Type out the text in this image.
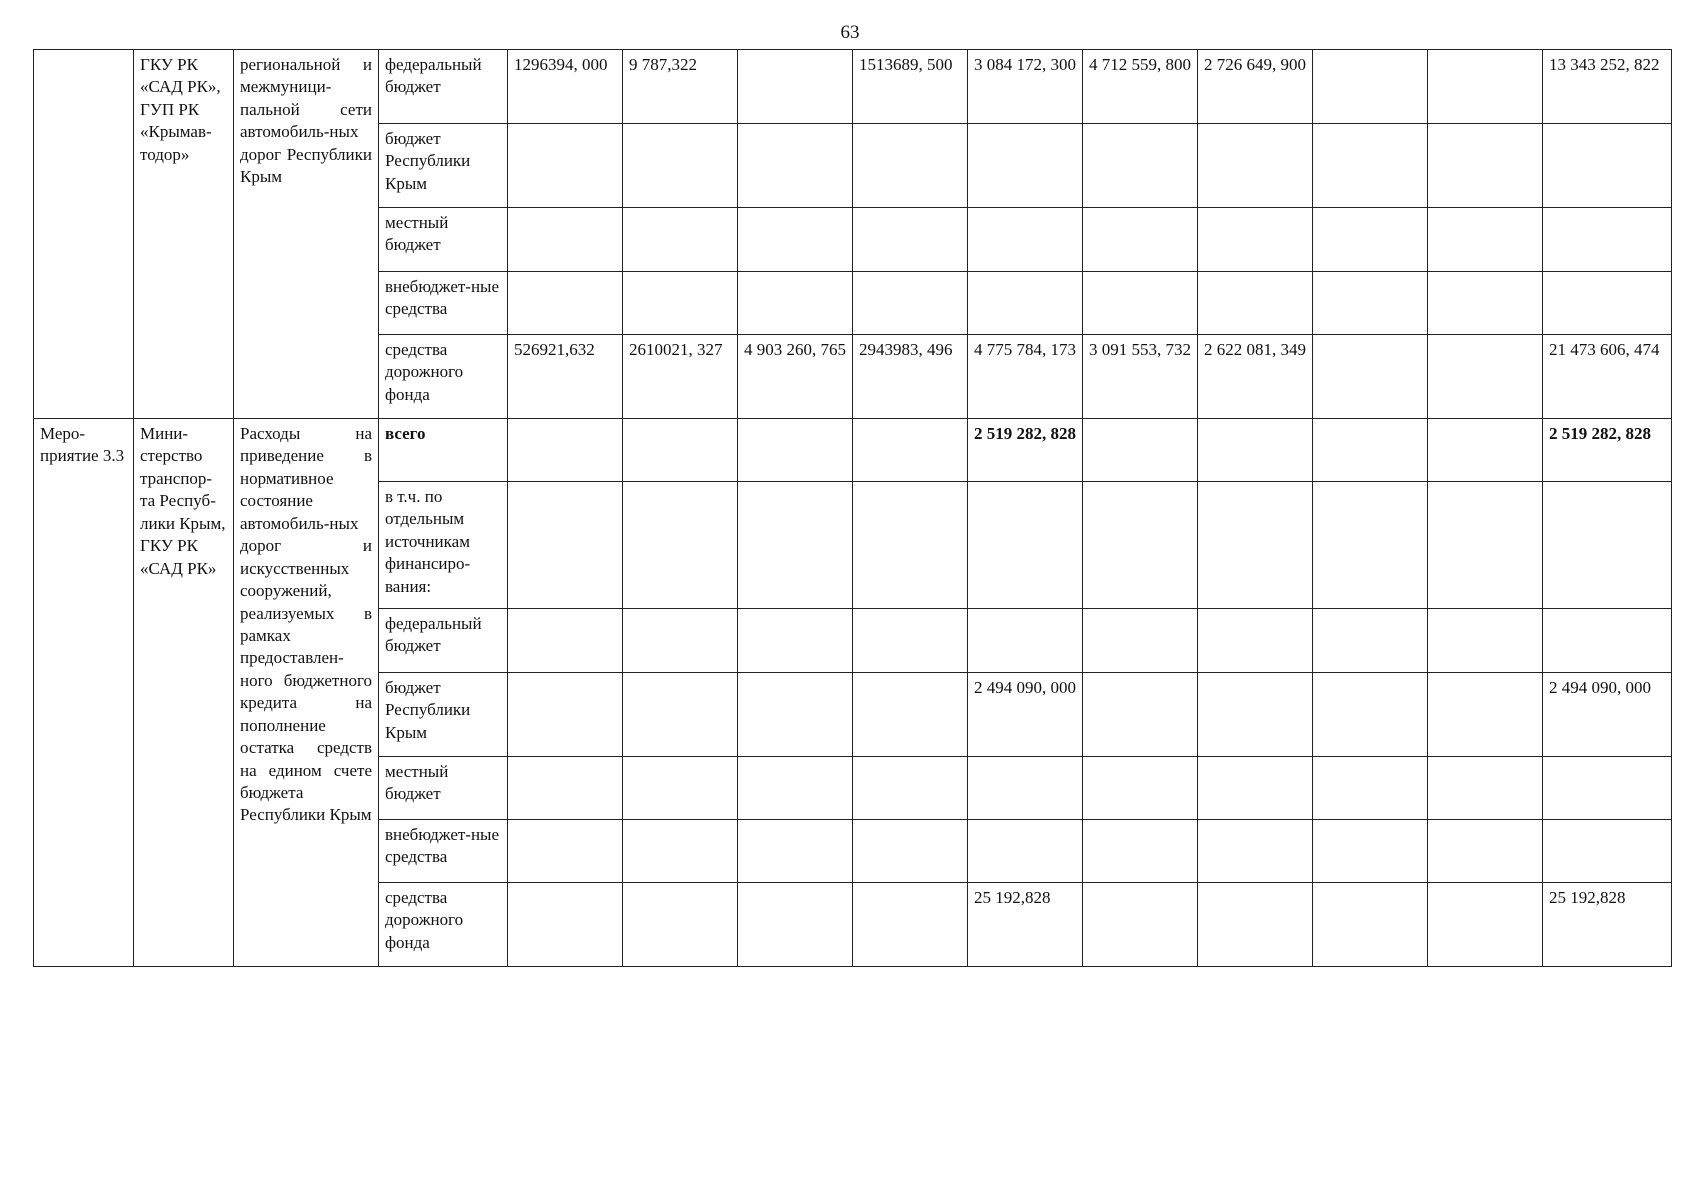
63
	ГКУ РК «САД РК», ГУП РК «Крымав-тодор»	региональной и межмуници-пальной сети автомобиль-ных дорог Республики Крым	федеральный бюджет	1296394, 000	9 787,322		1513689, 500	3 084 172, 300	4 712 559, 800	2 726 649, 900			13 343 252, 822
			бюджет Республики Крым										
			местный бюджет										
			внебюджет-ные средства										
			средства дорожного фонда	526921,632	2610021, 327	4 903 260, 765	2943983, 496	4 775 784, 173	3 091 553, 732	2 622 081, 349			21 473 606, 474
Меро-приятие 3.3	Мини-стерство транспор-та Респуб-лики Крым, ГКУ РК «САД РК»	Расходы на приведение в нормативное состояние автомобиль-ных дорог и искусственных сооружений, реализуемых в рамках предоставлен-ного бюджетного кредита на пополнение остатка средств на едином счете бюджета Республики Крым	всего					2 519 282, 828					2 519 282, 828
			в т.ч. по отдельным источникам финансиро-вания:										
			федеральный бюджет										
			бюджет Республики Крым					2 494 090, 000					2 494 090, 000
			местный бюджет										
			внебюджет-ные средства										
			средства дорожного фонда					25 192,828					25 192,828
